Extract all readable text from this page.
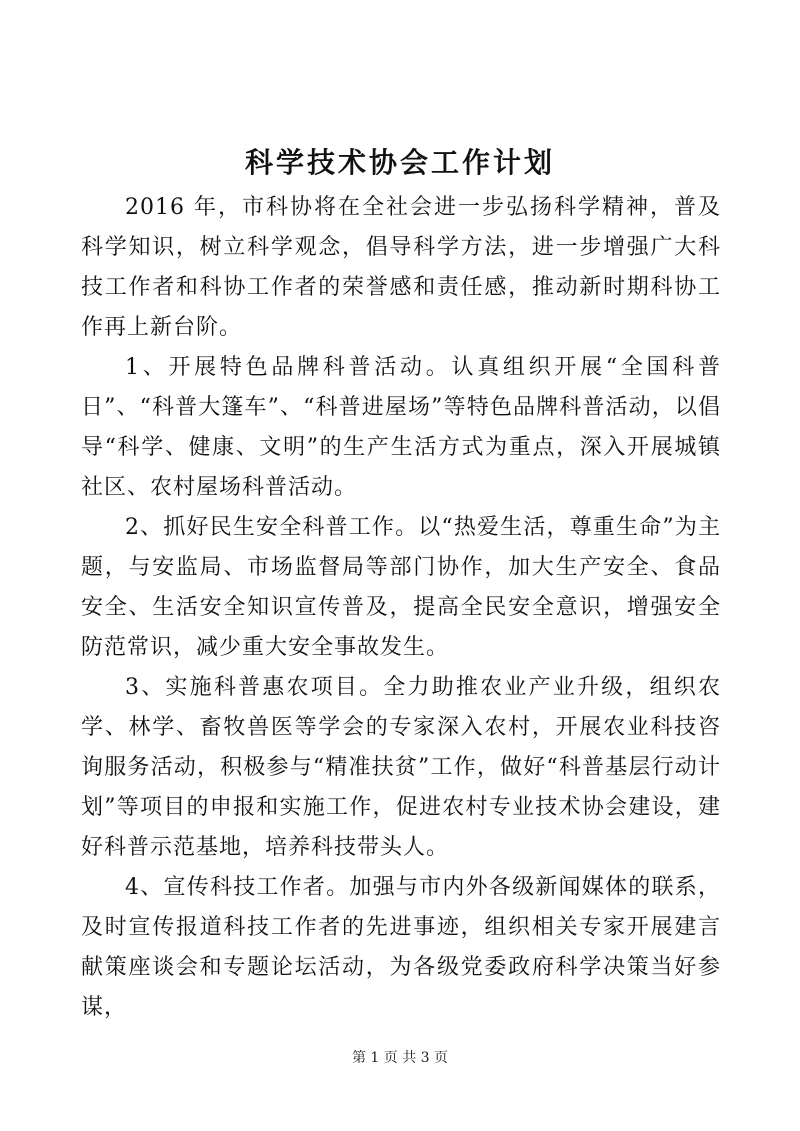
科学技术协会工作计划

2016 年，市科协将在全社会进一步弘扬科学精神，普及科学知识，树立科学观念，倡导科学方法，进一步增强广大科技工作者和科协工作者的荣誉感和责任感，推动新时期科协工作再上新台阶。

1、开展特色品牌科普活动。认真组织开展“全国科普日”、“科普大篷车”、“科普进屋场”等特色品牌科普活动，以倡导“科学、健康、文明”的生产生活方式为重点，深入开展城镇社区、农村屋场科普活动。

2、抓好民生安全科普工作。以“热爱生活，尊重生命”为主题，与安监局、市场监督局等部门协作，加大生产安全、食品安全、生活安全知识宣传普及，提高全民安全意识，增强安全防范常识，减少重大安全事故发生。

3、实施科普惠农项目。全力助推农业产业升级，组织农学、林学、畜牧兽医等学会的专家深入农村，开展农业科技咨询服务活动，积极参与“精准扶贫”工作，做好“科普基层行动计划”等项目的申报和实施工作，促进农村专业技术协会建设，建好科普示范基地，培养科技带头人。

4、宣传科技工作者。加强与市内外各级新闻媒体的联系，及时宣传报道科技工作者的先进事迹，组织相关专家开展建言献策座谈会和专题论坛活动，为各级党委政府科学决策当好参谋，

第 1 页 共 3 页
